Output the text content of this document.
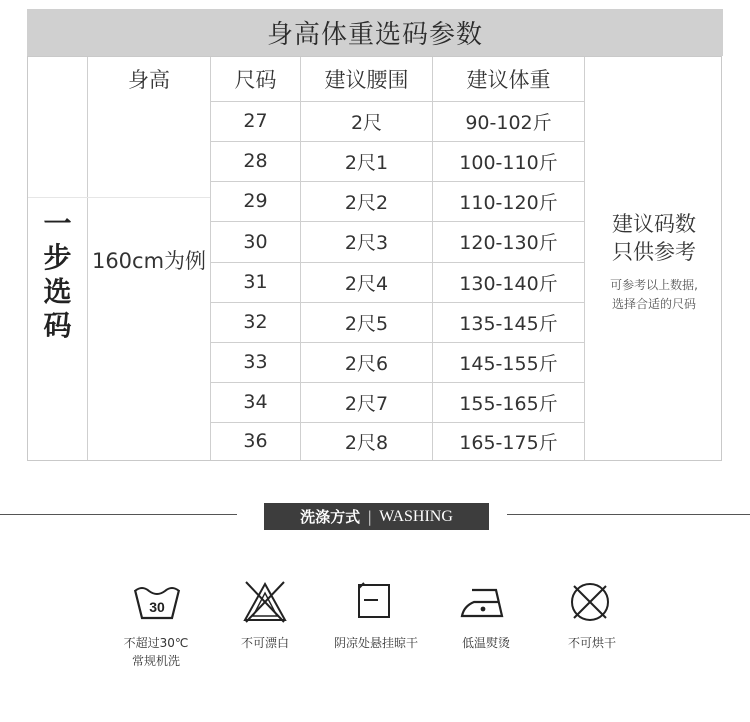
身高体重选码参数
身高	尺码	建议腰围	建议体重
一
步
选
码
160cm为例
27	2尺	90-102斤
28	2尺1	100-110斤
29	2尺2	110-120斤
30	2尺3	120-130斤
31	2尺4	130-140斤
32	2尺5	135-145斤
33	2尺6	145-155斤
34	2尺7	155-165斤
36	2尺8	165-175斤
建议码数
只供参考
可参考以上数据,
选择合适的尺码
洗涤方式 | WASHING
30
不超过30℃
常规机洗
不可漂白	阴凉处悬挂晾干	低温熨烫	不可烘干
